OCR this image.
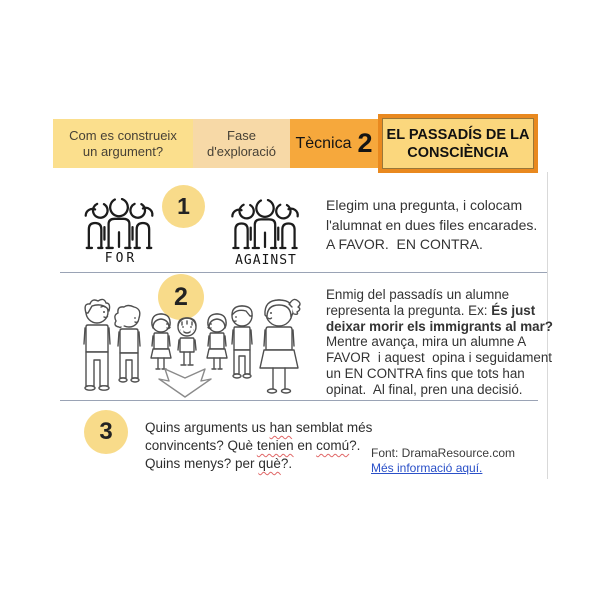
Com es construeix
un argument?
Fase
d'exploració	Tècnica 2 EL PASSADÍS DE LA
CONSCIÈNCIA
FOR
1
AGAINST
Elegim una pregunta, i colocam
l'alumnat en dues files encarades.
A FAVOR.  EN CONTRA.
2	Enmig del passadís un alumne
representa la pregunta. Ex: És just
deixar morir els immigrants al mar?
Mentre avança, mira un alumne A
FAVOR  i aquest  opina i seguidament
un EN CONTRA fins que tots han
opinat.  Al final, pren una decisió.
3	Quins arguments us han semblat més
convincents? Què tenien en comú?.
Quins menys? per què?.
Font: DramaResource.com
Més informació aquí.
